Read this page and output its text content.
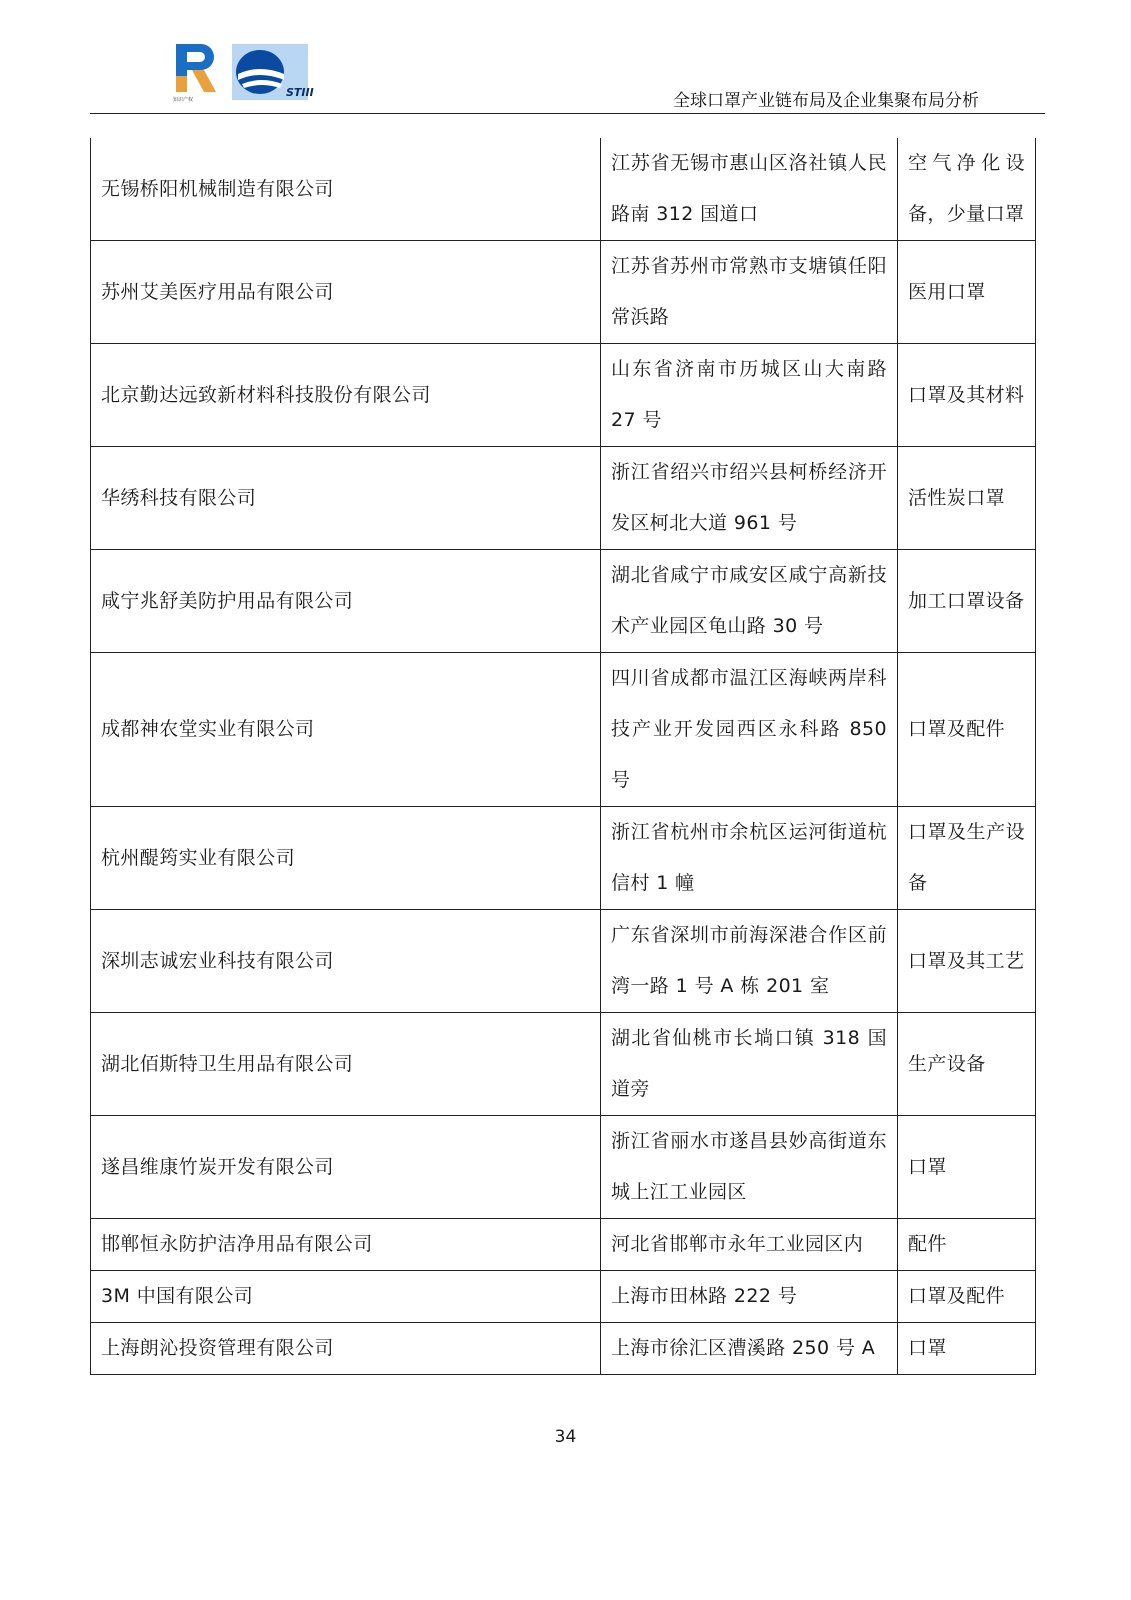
知识产权
STIII	全球口罩产业链布局及企业集聚布局分析
无锡桥阳机械制造有限公司	江苏省无锡市惠山区洛社镇人民路南 312 国道口	空气净化设备，少量口罩
苏州艾美医疗用品有限公司	江苏省苏州市常熟市支塘镇任阳常浜路	医用口罩
北京勤达远致新材料科技股份有限公司	山东省济南市历城区山大南路 27 号	口罩及其材料
华绣科技有限公司	浙江省绍兴市绍兴县柯桥经济开发区柯北大道 961 号	活性炭口罩
咸宁兆舒美防护用品有限公司	湖北省咸宁市咸安区咸宁高新技术产业园区龟山路 30 号	加工口罩设备
成都神农堂实业有限公司	四川省成都市温江区海峡两岸科技产业开发园西区永科路 850 号	口罩及配件
杭州醍筠实业有限公司	浙江省杭州市余杭区运河街道杭信村 1 幢	口罩及生产设备
深圳志诚宏业科技有限公司	广东省深圳市前海深港合作区前湾一路 1 号 A 栋 201 室	口罩及其工艺
湖北佰斯特卫生用品有限公司	湖北省仙桃市长埫口镇 318 国道旁	生产设备
遂昌维康竹炭开发有限公司	浙江省丽水市遂昌县妙高街道东城上江工业园区	口罩
邯郸恒永防护洁净用品有限公司	河北省邯郸市永年工业园区内	配件
3M 中国有限公司	上海市田林路 222 号	口罩及配件
上海朗沁投资管理有限公司	上海市徐汇区漕溪路 250 号 A	口罩
34
